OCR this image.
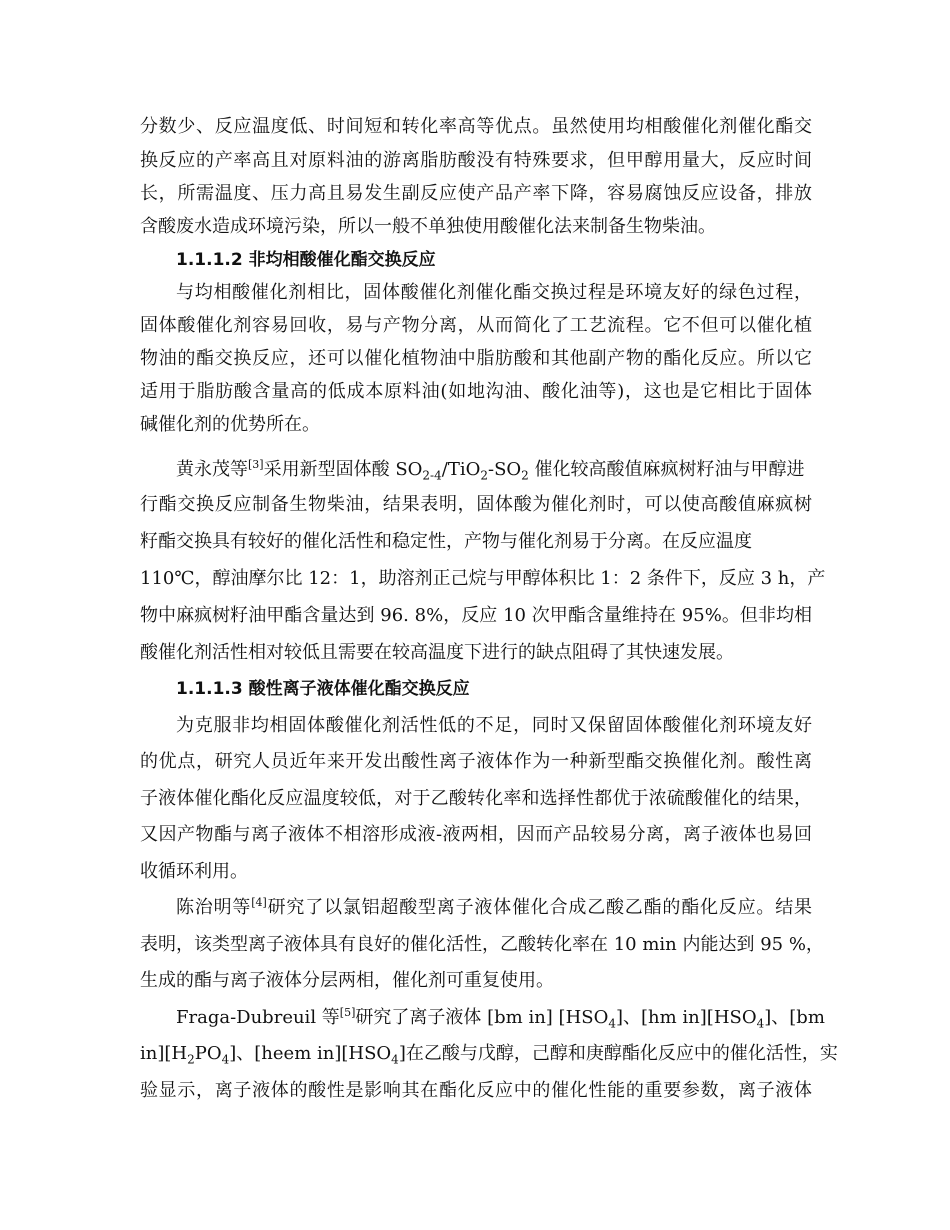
分数少、反应温度低、时间短和转化率高等优点。虽然使用均相酸催化剂催化酯交
换反应的产率高且对原料油的游离脂肪酸没有特殊要求，但甲醇用量大，反应时间
长，所需温度、压力高且易发生副反应使产品产率下降，容易腐蚀反应设备，排放
含酸废水造成环境污染，所以一般不单独使用酸催化法来制备生物柴油。
1.1.1.2 非均相酸催化酯交换反应
与均相酸催化剂相比，固体酸催化剂催化酯交换过程是环境友好的绿色过程，
固体酸催化剂容易回收，易与产物分离，从而简化了工艺流程。它不但可以催化植
物油的酯交换反应，还可以催化植物油中脂肪酸和其他副产物的酯化反应。所以它
适用于脂肪酸含量高的低成本原料油(如地沟油、酸化油等)，这也是它相比于固体
碱催化剂的优势所在。
黄永茂等[3]采用新型固体酸 $SO_{2-4}/TiO_2-SO_2$ 催化较高酸值麻疯树籽油与甲醇进
行酯交换反应制备生物柴油，结果表明，固体酸为催化剂时，可以使高酸值麻疯树
籽酯交换具有较好的催化活性和稳定性，产物与催化剂易于分离。在反应温度
110℃，醇油摩尔比 12：1，助溶剂正己烷与甲醇体积比 1：2 条件下，反应 3 h，产
物中麻疯树籽油甲酯含量达到 96. 8%，反应 10 次甲酯含量维持在 95%。但非均相
酸催化剂活性相对较低且需要在较高温度下进行的缺点阻碍了其快速发展。
1.1.1.3 酸性离子液体催化酯交换反应
为克服非均相固体酸催化剂活性低的不足，同时又保留固体酸催化剂环境友好
的优点，研究人员近年来开发出酸性离子液体作为一种新型酯交换催化剂。酸性离
子液体催化酯化反应温度较低，对于乙酸转化率和选择性都优于浓硫酸催化的结果，
又因产物酯与离子液体不相溶形成液-液两相，因而产品较易分离，离子液体也易回
收循环利用。
陈治明等[4]研究了以氯铝超酸型离子液体催化合成乙酸乙酯的酯化反应。结果
表明，该类型离子液体具有良好的催化活性，乙酸转化率在 10 min 内能达到 95 %，
生成的酯与离子液体分层两相，催化剂可重复使用。
Fraga-Dubreuil 等[5]研究了离子液体 [bm in] $[HSO_4]$、[hm $in][HSO_4]$、[bm
$in][H_2PO_4]$、[heem $in][HSO_4]$在乙酸与戊醇，己醇和庚醇酯化反应中的催化活性，实
验显示，离子液体的酸性是影响其在酯化反应中的催化性能的重要参数，离子液体
